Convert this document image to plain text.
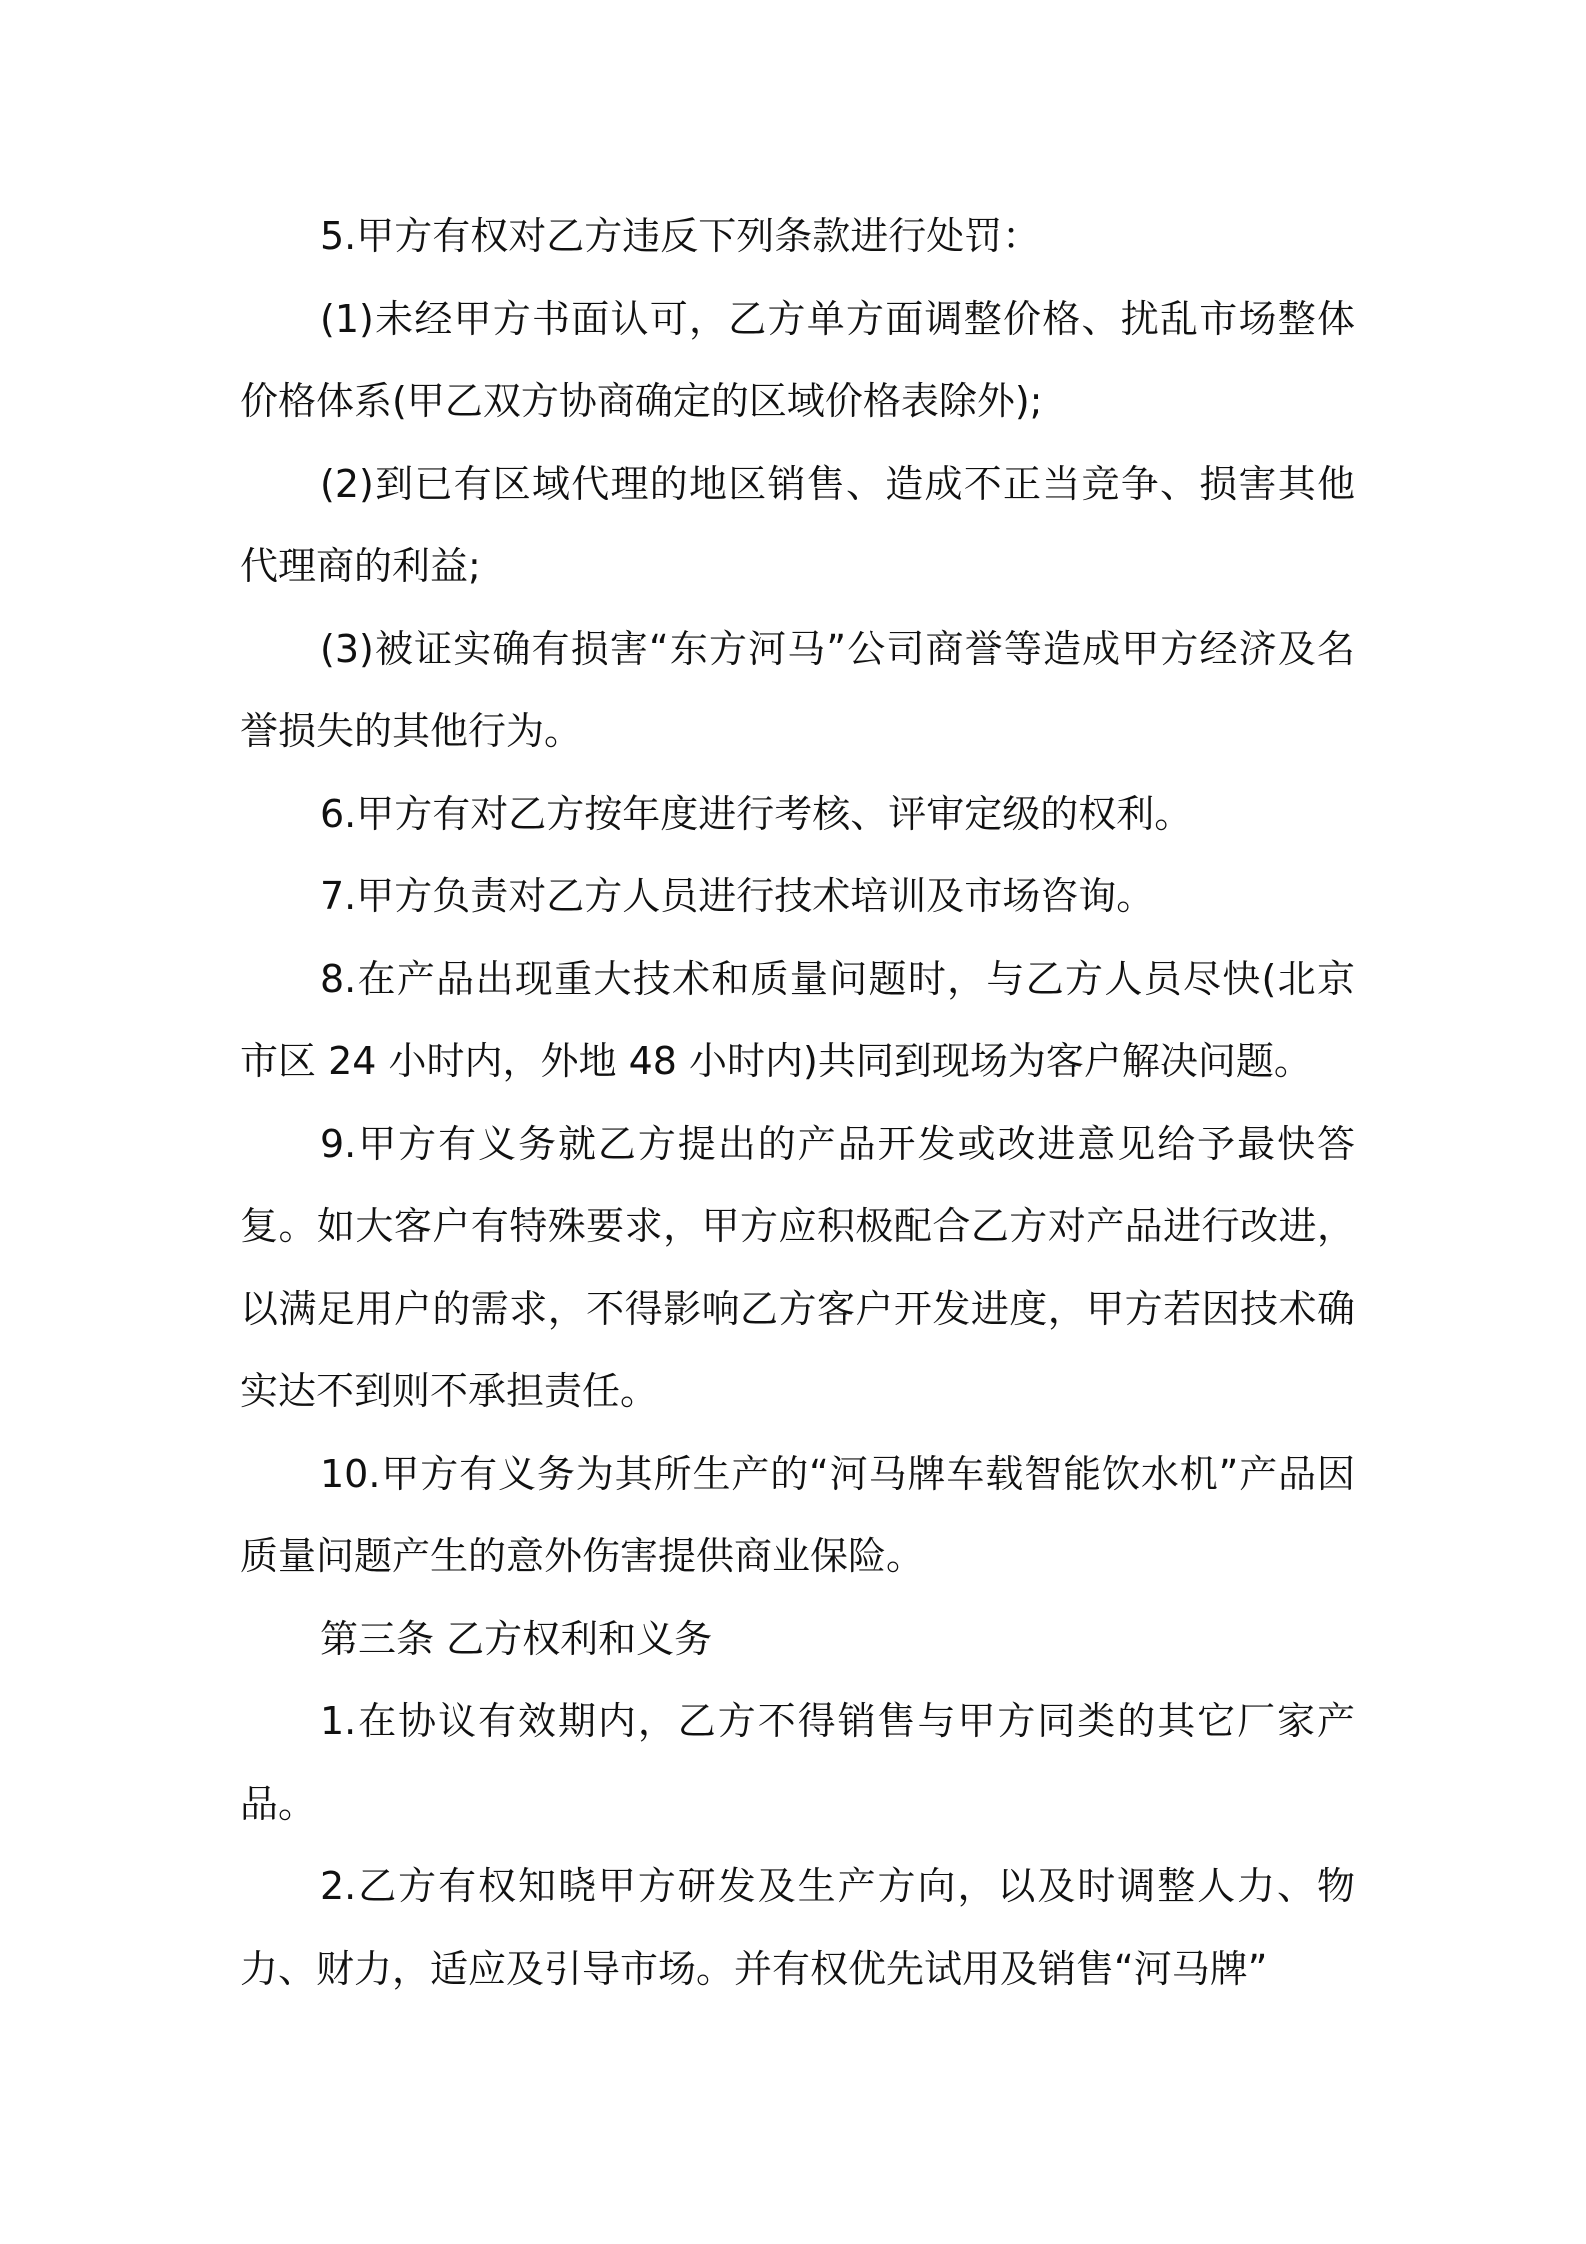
5.甲方有权对乙方违反下列条款进行处罚：

(1)未经甲方书面认可，乙方单方面调整价格、扰乱市场整体价格体系(甲乙双方协商确定的区域价格表除外);

(2)到已有区域代理的地区销售、造成不正当竞争、损害其他代理商的利益;

(3)被证实确有损害“东方河马”公司商誉等造成甲方经济及名誉损失的其他行为。

6.甲方有对乙方按年度进行考核、评审定级的权利。

7.甲方负责对乙方人员进行技术培训及市场咨询。

8.在产品出现重大技术和质量问题时，与乙方人员尽快(北京市区 24 小时内，外地 48 小时内)共同到现场为客户解决问题。

9.甲方有义务就乙方提出的产品开发或改进意见给予最快答复。如大客户有特殊要求，甲方应积极配合乙方对产品进行改进，以满足用户的需求，不得影响乙方客户开发进度，甲方若因技术确实达不到则不承担责任。

10.甲方有义务为其所生产的“河马牌车载智能饮水机”产品因质量问题产生的意外伤害提供商业保险。

第三条 乙方权利和义务

1.在协议有效期内，乙方不得销售与甲方同类的其它厂家产品。

2.乙方有权知晓甲方研发及生产方向，以及时调整人力、物力、财力，适应及引导市场。并有权优先试用及销售“河马牌”
